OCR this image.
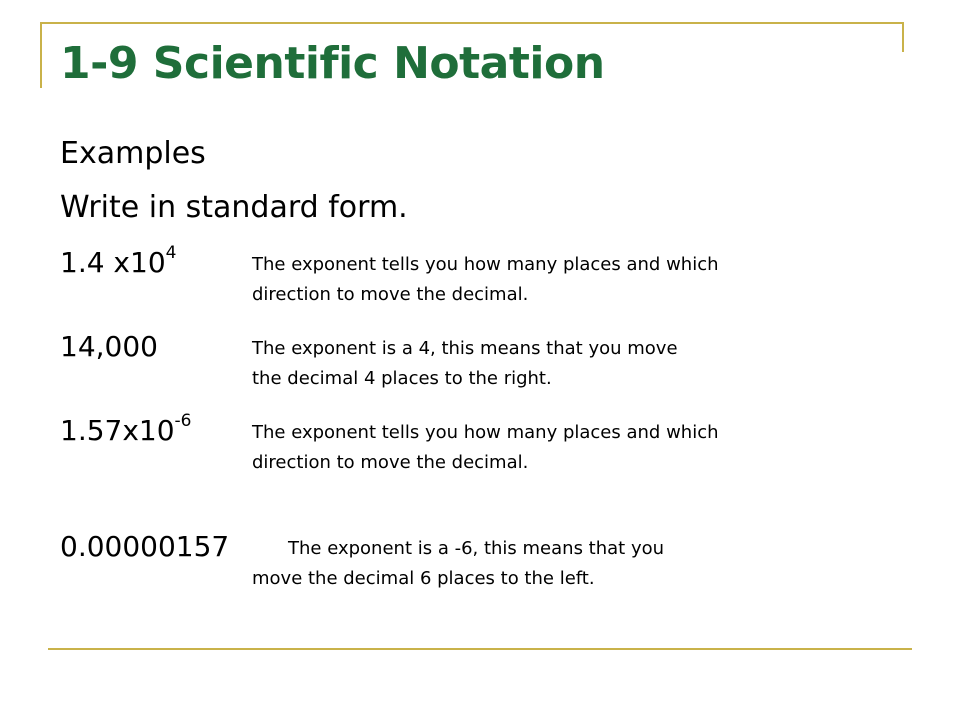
1-9 Scientific Notation
Examples
Write in standard form.
1.4 $x10^4$
The exponent tells you how many places and which
direction to move the decimal.
14,000	The exponent is a 4, this means that you move
the decimal 4 places to the right.
$1.57x10^{-6}$
The exponent tells you how many places and which
direction to move the decimal.
0.00000157	The exponent is a -6, this means that you
move the decimal 6 places to the left.
